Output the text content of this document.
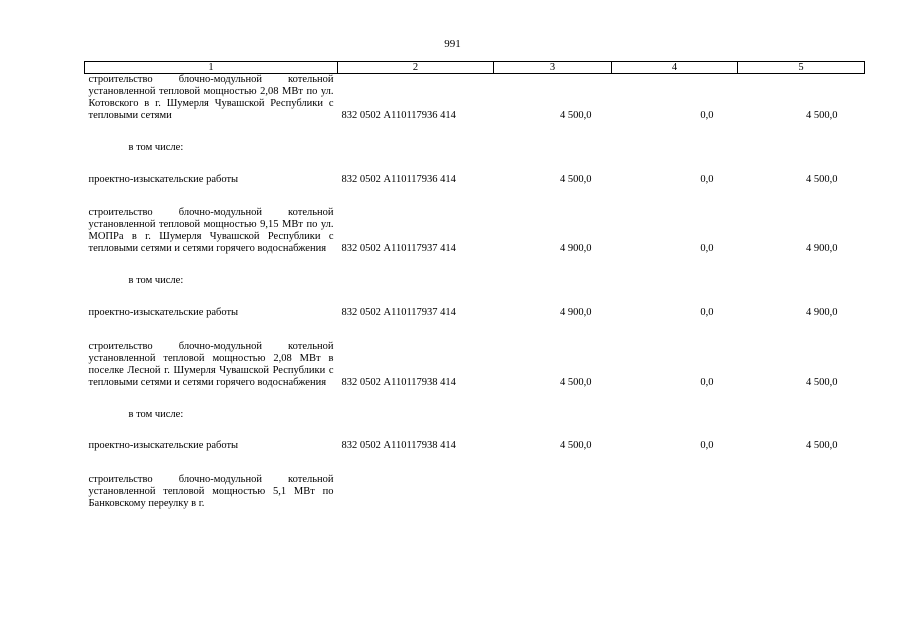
991
1	2	3	4	5
строительство блочно-модульной котельной установленной тепловой мощностью 2,08 МВт по ул. Котовского в г. Шумерля Чувашской Республики с тепловыми сетями	832 0502 А110117936 414	4 500,0	0,0	4 500,0

в том числе:				

проектно-изыскательские работы	832 0502 А110117936 414	4 500,0	0,0	4 500,0

строительство блочно-модульной котельной установленной тепловой мощностью 9,15 МВт по ул. МОПРа в г. Шумерля Чувашской Республики с тепловыми сетями и сетями горячего водоснабжения	832 0502 А110117937 414	4 900,0	0,0	4 900,0

в том числе:				

проектно-изыскательские работы	832 0502 А110117937 414	4 900,0	0,0	4 900,0

строительство блочно-модульной котельной установленной тепловой мощностью 2,08 МВт в поселке Лесной г. Шумерля Чувашской Республики с тепловыми сетями и сетями горячего водоснабжения	832 0502 А110117938 414	4 500,0	0,0	4 500,0

в том числе:				

проектно-изыскательские работы	832 0502 А110117938 414	4 500,0	0,0	4 500,0

строительство блочно-модульной котельной установленной тепловой мощностью 5,1 МВт по Банковскому переулку в г.				
